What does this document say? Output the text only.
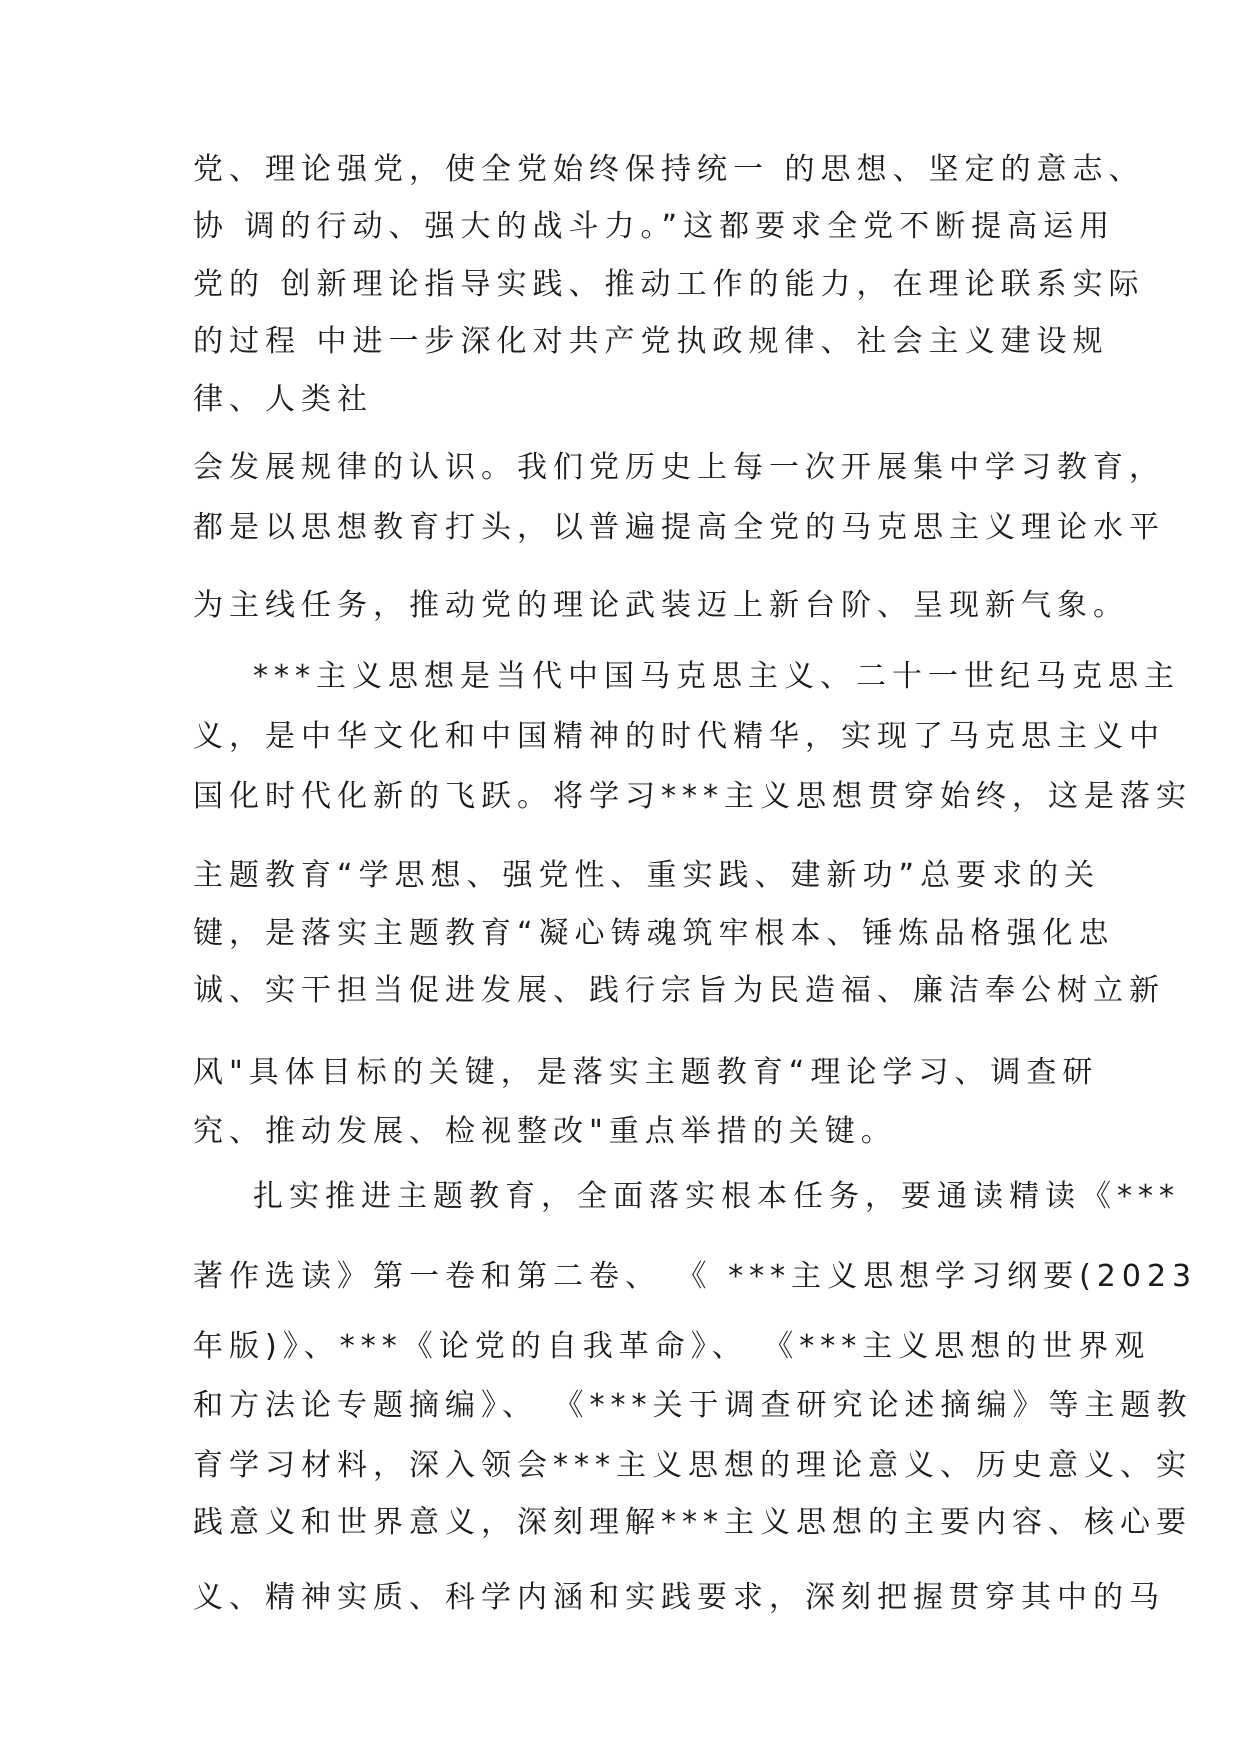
党、理论强党，使全党始终保持统一 的思想、坚定的意志、
协 调的行动、强大的战斗力。”这都要求全党不断提高运用
党的 创新理论指导实践、推动工作的能力，在理论联系实际
的过程 中进一步深化对共产党执政规律、社会主义建设规
律、人类社
会发展规律的认识。我们党历史上每一次开展集中学习教育，
都是以思想教育打头，以普遍提高全党的马克思主义理论水平
为主线任务，推动党的理论武装迈上新台阶、呈现新气象。
***主义思想是当代中国马克思主义、二十一世纪马克思主
义，是中华文化和中国精神的时代精华，实现了马克思主义中
国化时代化新的飞跃。将学习***主义思想贯穿始终，这是落实
主题教育“学思想、强党性、重实践、建新功”总要求的关
键，是落实主题教育“凝心铸魂筑牢根本、锤炼品格强化忠
诚、实干担当促进发展、践行宗旨为民造福、廉洁奉公树立新
风"具体目标的关键，是落实主题教育“理论学习、调查研
究、推动发展、检视整改"重点举措的关键。
扎实推进主题教育，全面落实根本任务，要通读精读《***
著作选读》第一卷和第二卷、 《 ***主义思想学习纲要(2023
年版)》、***《论党的自我革命》、 《***主义思想的世界观
和方法论专题摘编》、 《***关于调查研究论述摘编》等主题教
育学习材料，深入领会***主义思想的理论意义、历史意义、实
践意义和世界意义，深刻理解***主义思想的主要内容、核心要
义、精神实质、科学内涵和实践要求，深刻把握贯穿其中的马
